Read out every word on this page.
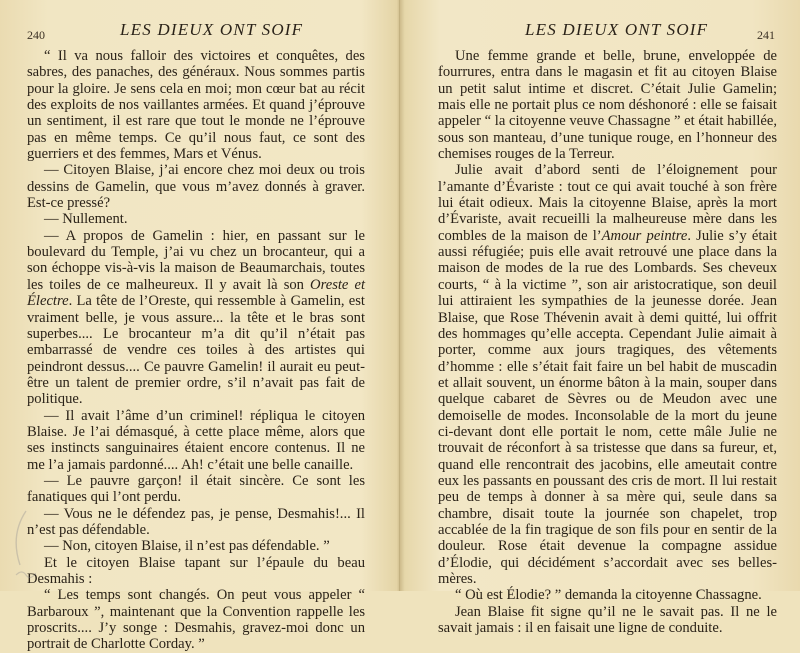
240	LES DIEUX ONT SOIF

“ Il va nous falloir des victoires et conquêtes, des sabres, des panaches, des généraux. Nous sommes partis pour la gloire. Je sens cela en moi; mon cœur bat au récit des exploits de nos vaillantes armées. Et quand j’éprouve un sentiment, il est rare que tout le monde ne l’éprouve pas en même temps. Ce qu’il nous faut, ce sont des guerriers et des femmes, Mars et Vénus.

— Citoyen Blaise, j’ai encore chez moi deux ou trois dessins de Gamelin, que vous m’avez donnés à graver. Est-ce pressé?

— Nullement.

— A propos de Gamelin : hier, en passant sur le boulevard du Temple, j’ai vu chez un brocanteur, qui a son échoppe vis-à-vis la maison de Beaumarchais, toutes les toiles de ce malheureux. Il y avait là son Oreste et Électre. La tête de l’Oreste, qui ressemble à Gamelin, est vraiment belle, je vous assure... la tête et le bras sont superbes.... Le brocanteur m’a dit qu’il n’était pas embarrassé de vendre ces toiles à des artistes qui peindront dessus.... Ce pauvre Gamelin! il aurait eu peut-être un talent de premier ordre, s’il n’avait pas fait de politique.

— Il avait l’âme d’un criminel! répliqua le citoyen Blaise. Je l’ai démasqué, à cette place même, alors que ses instincts sanguinaires étaient encore contenus. Il ne me l’a jamais pardonné.... Ah! c’était une belle canaille.

— Le pauvre garçon! il était sincère. Ce sont les fanatiques qui l’ont perdu.

— Vous ne le défendez pas, je pense, Desmahis!... Il n’est pas défendable.

— Non, citoyen Blaise, il n’est pas défendable. ”

Et le citoyen Blaise tapant sur l’épaule du beau Desmahis :

“ Les temps sont changés. On peut vous appeler “ Barbaroux ”, maintenant que la Convention rappelle les proscrits.... J’y songe : Desmahis, gravez-moi donc un portrait de Charlotte Corday. ”

LES DIEUX ONT SOIF	241

Une femme grande et belle, brune, enveloppée de fourrures, entra dans le magasin et fit au citoyen Blaise un petit salut intime et discret. C’était Julie Gamelin; mais elle ne portait plus ce nom déshonoré : elle se faisait appeler “ la citoyenne veuve Chassagne ” et était habillée, sous son manteau, d’une tunique rouge, en l’honneur des chemises rouges de la Terreur.

Julie avait d’abord senti de l’éloignement pour l’amante d’Évariste : tout ce qui avait touché à son frère lui était odieux. Mais la citoyenne Blaise, après la mort d’Évariste, avait recueilli la malheureuse mère dans les combles de la maison de l’Amour peintre. Julie s’y était aussi réfugiée; puis elle avait retrouvé une place dans la maison de modes de la rue des Lombards. Ses cheveux courts, “ à la victime ”, son air aristocratique, son deuil lui attiraient les sympathies de la jeunesse dorée. Jean Blaise, que Rose Thévenin avait à demi quitté, lui offrit des hommages qu’elle accepta. Cependant Julie aimait à porter, comme aux jours tragiques, des vêtements d’homme : elle s’était fait faire un bel habit de muscadin et allait souvent, un énorme bâton à la main, souper dans quelque cabaret de Sèvres ou de Meudon avec une demoiselle de modes. Inconsolable de la mort du jeune ci-devant dont elle portait le nom, cette mâle Julie ne trouvait de réconfort à sa tristesse que dans sa fureur, et, quand elle rencontrait des jacobins, elle ameutait contre eux les passants en poussant des cris de mort. Il lui restait peu de temps à donner à sa mère qui, seule dans sa chambre, disait toute la journée son chapelet, trop accablée de la fin tragique de son fils pour en sentir de la douleur. Rose était devenue la compagne assidue d’Élodie, qui décidément s’accordait avec ses belles-mères.

“ Où est Élodie? ” demanda la citoyenne Chassagne.

Jean Blaise fit signe qu’il ne le savait pas. Il ne le savait jamais : il en faisait une ligne de conduite.
